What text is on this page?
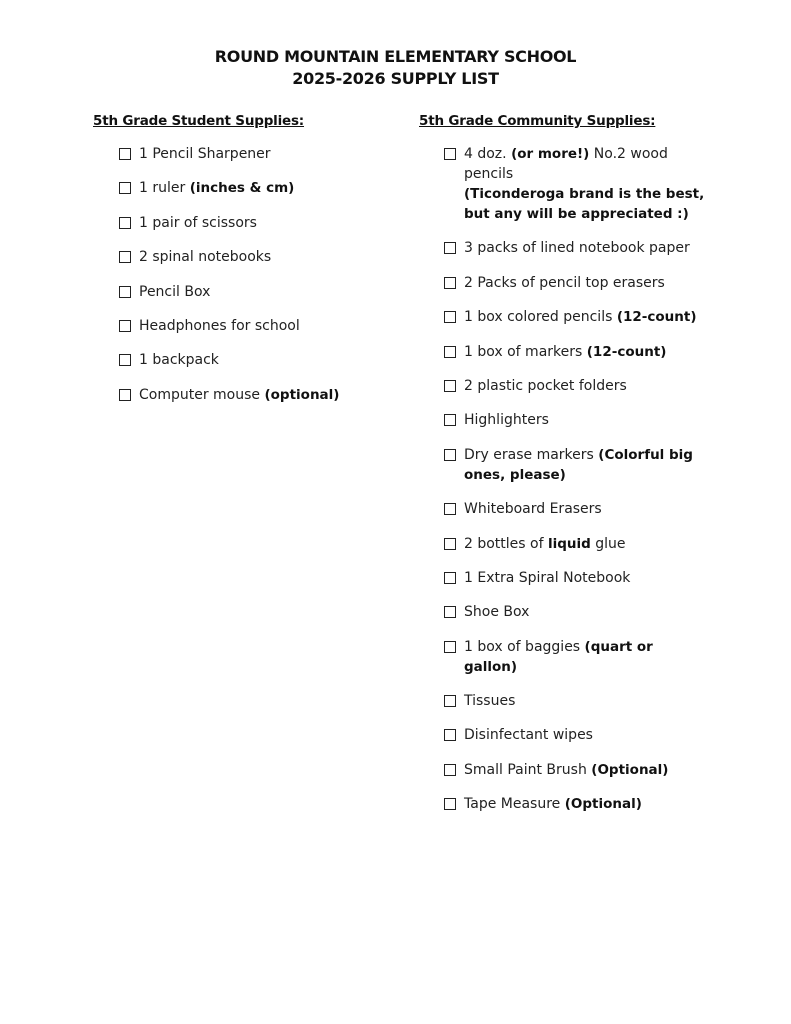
ROUND MOUNTAIN ELEMENTARY SCHOOL
2025-2026 SUPPLY LIST
5th Grade Student Supplies:
1 Pencil Sharpener
1 ruler (inches & cm)
1 pair of scissors
2 spinal notebooks
Pencil Box
Headphones for school
1 backpack
Computer mouse (optional)
5th Grade Community Supplies:
4 doz. (or more!) No.2 wood pencils
(Ticonderoga brand is the best, but any will be appreciated :)
3 packs of lined notebook paper
2 Packs of pencil top erasers
1 box colored pencils (12-count)
1 box of markers (12-count)
2 plastic pocket folders
Highlighters
Dry erase markers (Colorful big ones, please)
Whiteboard Erasers
2 bottles of liquid glue
1 Extra Spiral Notebook
Shoe Box
1 box of baggies (quart or gallon)
Tissues
Disinfectant wipes
Small Paint Brush (Optional)
Tape Measure (Optional)
